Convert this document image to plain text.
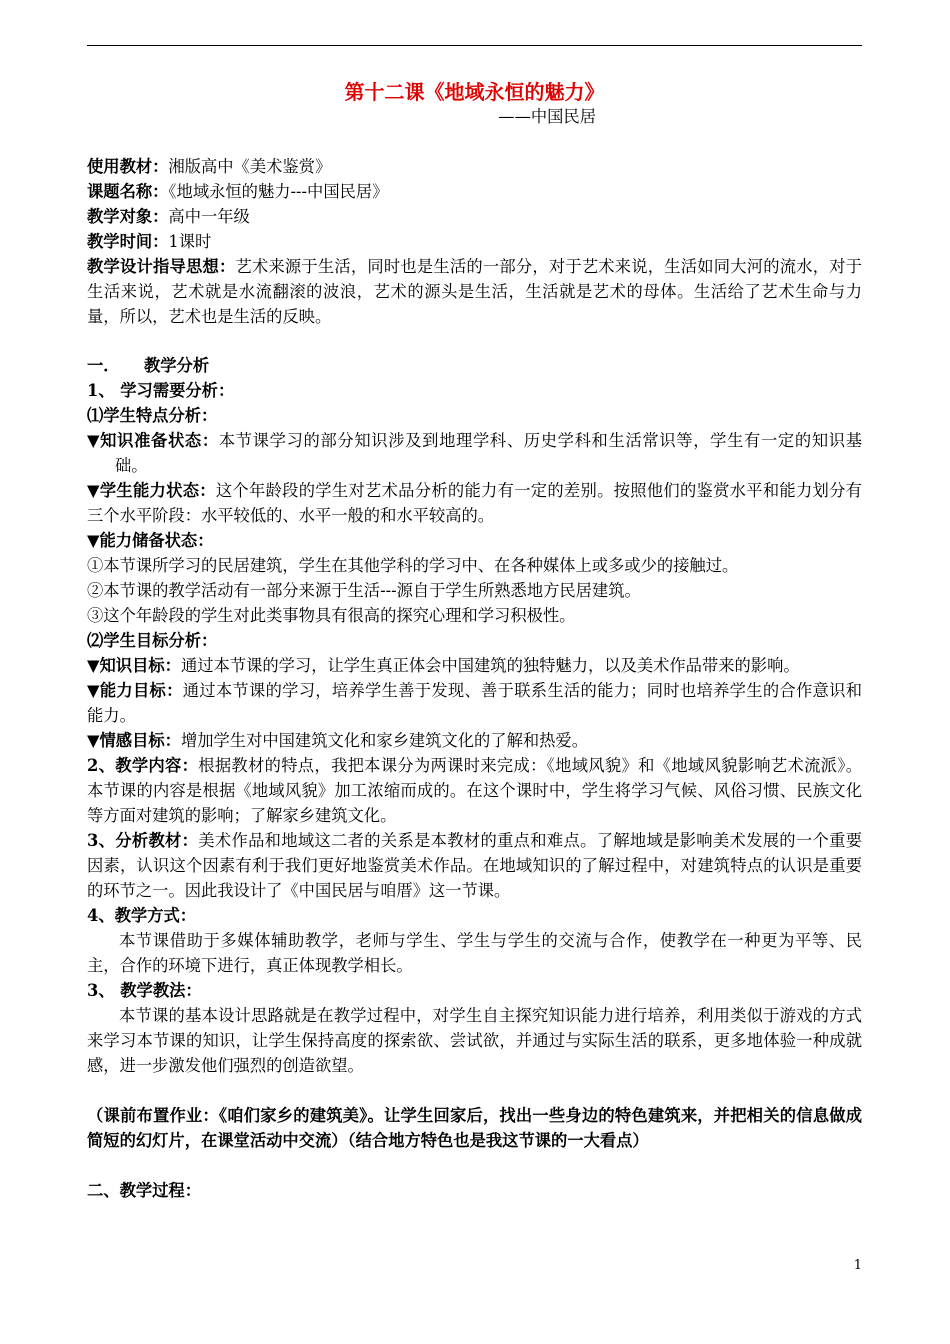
第十二课《地域永恒的魅力》
——中国民居

使用教材：湘版高中《美术鉴赏》

课题名称：《地域永恒的魅力---中国民居》

教学对象：高中一年级

教学时间：1课时

教学设计指导思想：艺术来源于生活，同时也是生活的一部分，对于艺术来说，生活如同大河的流水，对于生活来说，艺术就是水流翻滚的波浪，艺术的源头是生活，生活就是艺术的母体。生活给了艺术生命与力量，所以，艺术也是生活的反映。

一．　　教学分析

1、 学习需要分析：

⑴学生特点分析：

▼知识准备状态：本节课学习的部分知识涉及到地理学科、历史学科和生活常识等，学生有一定的知识基础。

▼学生能力状态：这个年龄段的学生对艺术品分析的能力有一定的差别。按照他们的鉴赏水平和能力划分有三个水平阶段：水平较低的、水平一般的和水平较高的。

▼能力储备状态：

①本节课所学习的民居建筑，学生在其他学科的学习中、在各种媒体上或多或少的接触过。

②本节课的教学活动有一部分来源于生活---源自于学生所熟悉地方民居建筑。

③这个年龄段的学生对此类事物具有很高的探究心理和学习积极性。

⑵学生目标分析：

▼知识目标：通过本节课的学习，让学生真正体会中国建筑的独特魅力，以及美术作品带来的影响。

▼能力目标：通过本节课的学习，培养学生善于发现、善于联系生活的能力；同时也培养学生的合作意识和能力。

▼情感目标：增加学生对中国建筑文化和家乡建筑文化的了解和热爱。

2、教学内容：根据教材的特点，我把本课分为两课时来完成：《地域风貌》和《地域风貌影响艺术流派》。本节课的内容是根据《地域风貌》加工浓缩而成的。在这个课时中，学生将学习气候、风俗习惯、民族文化等方面对建筑的影响；了解家乡建筑文化。

3、分析教材：美术作品和地域这二者的关系是本教材的重点和难点。了解地域是影响美术发展的一个重要因素，认识这个因素有利于我们更好地鉴赏美术作品。在地域知识的了解过程中，对建筑特点的认识是重要的环节之一。因此我设计了《中国民居与咱厝》这一节课。

4、教学方式：

本节课借助于多媒体辅助教学，老师与学生、学生与学生的交流与合作，使教学在一种更为平等、民主，合作的环境下进行，真正体现教学相长。

3、 教学教法：

本节课的基本设计思路就是在教学过程中，对学生自主探究知识能力进行培养，利用类似于游戏的方式来学习本节课的知识，让学生保持高度的探索欲、尝试欲，并通过与实际生活的联系，更多地体验一种成就感，进一步激发他们强烈的创造欲望。

（课前布置作业：《咱们家乡的建筑美》。让学生回家后，找出一些身边的特色建筑来，并把相关的信息做成简短的幻灯片，在课堂活动中交流）（结合地方特色也是我这节课的一大看点）

二、教学过程：

1
